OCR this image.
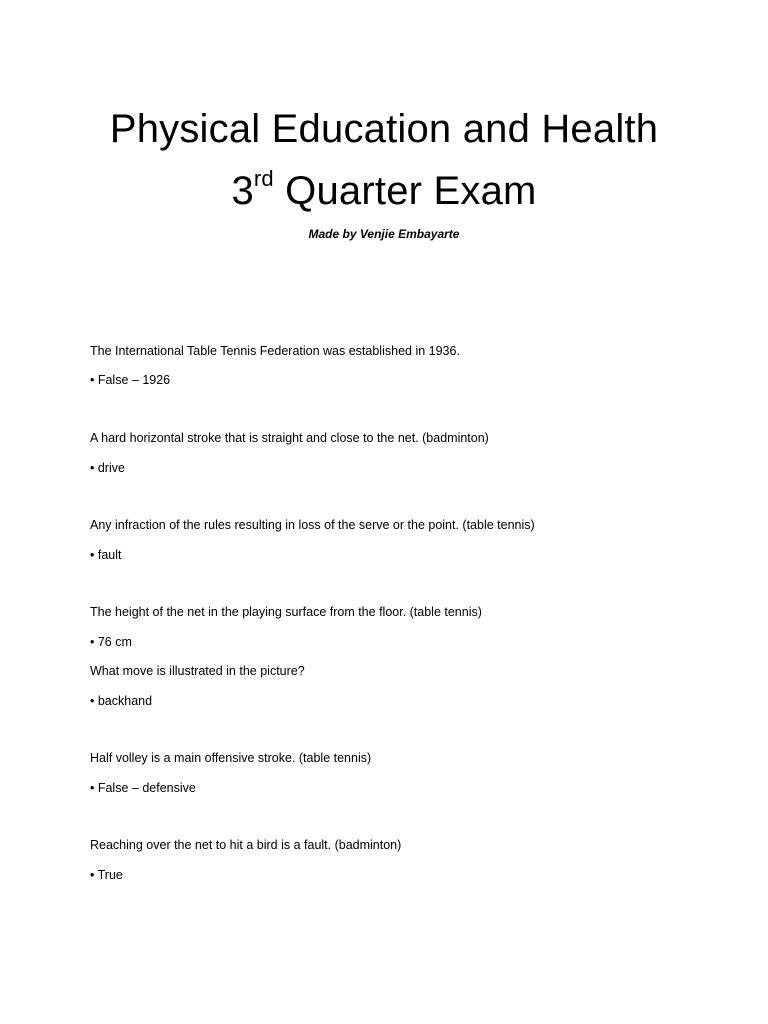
Physical Education and Health
3rd Quarter Exam
Made by Venjie Embayarte

The International Table Tennis Federation was established in 1936.

• False – 1926

A hard horizontal stroke that is straight and close to the net. (badminton)

• drive

Any infraction of the rules resulting in loss of the serve or the point. (table tennis)

• fault

The height of the net in the playing surface from the floor. (table tennis)

• 76 cm

What move is illustrated in the picture?

• backhand

Half volley is a main offensive stroke. (table tennis)

• False – defensive

Reaching over the net to hit a bird is a fault. (badminton)

• True
